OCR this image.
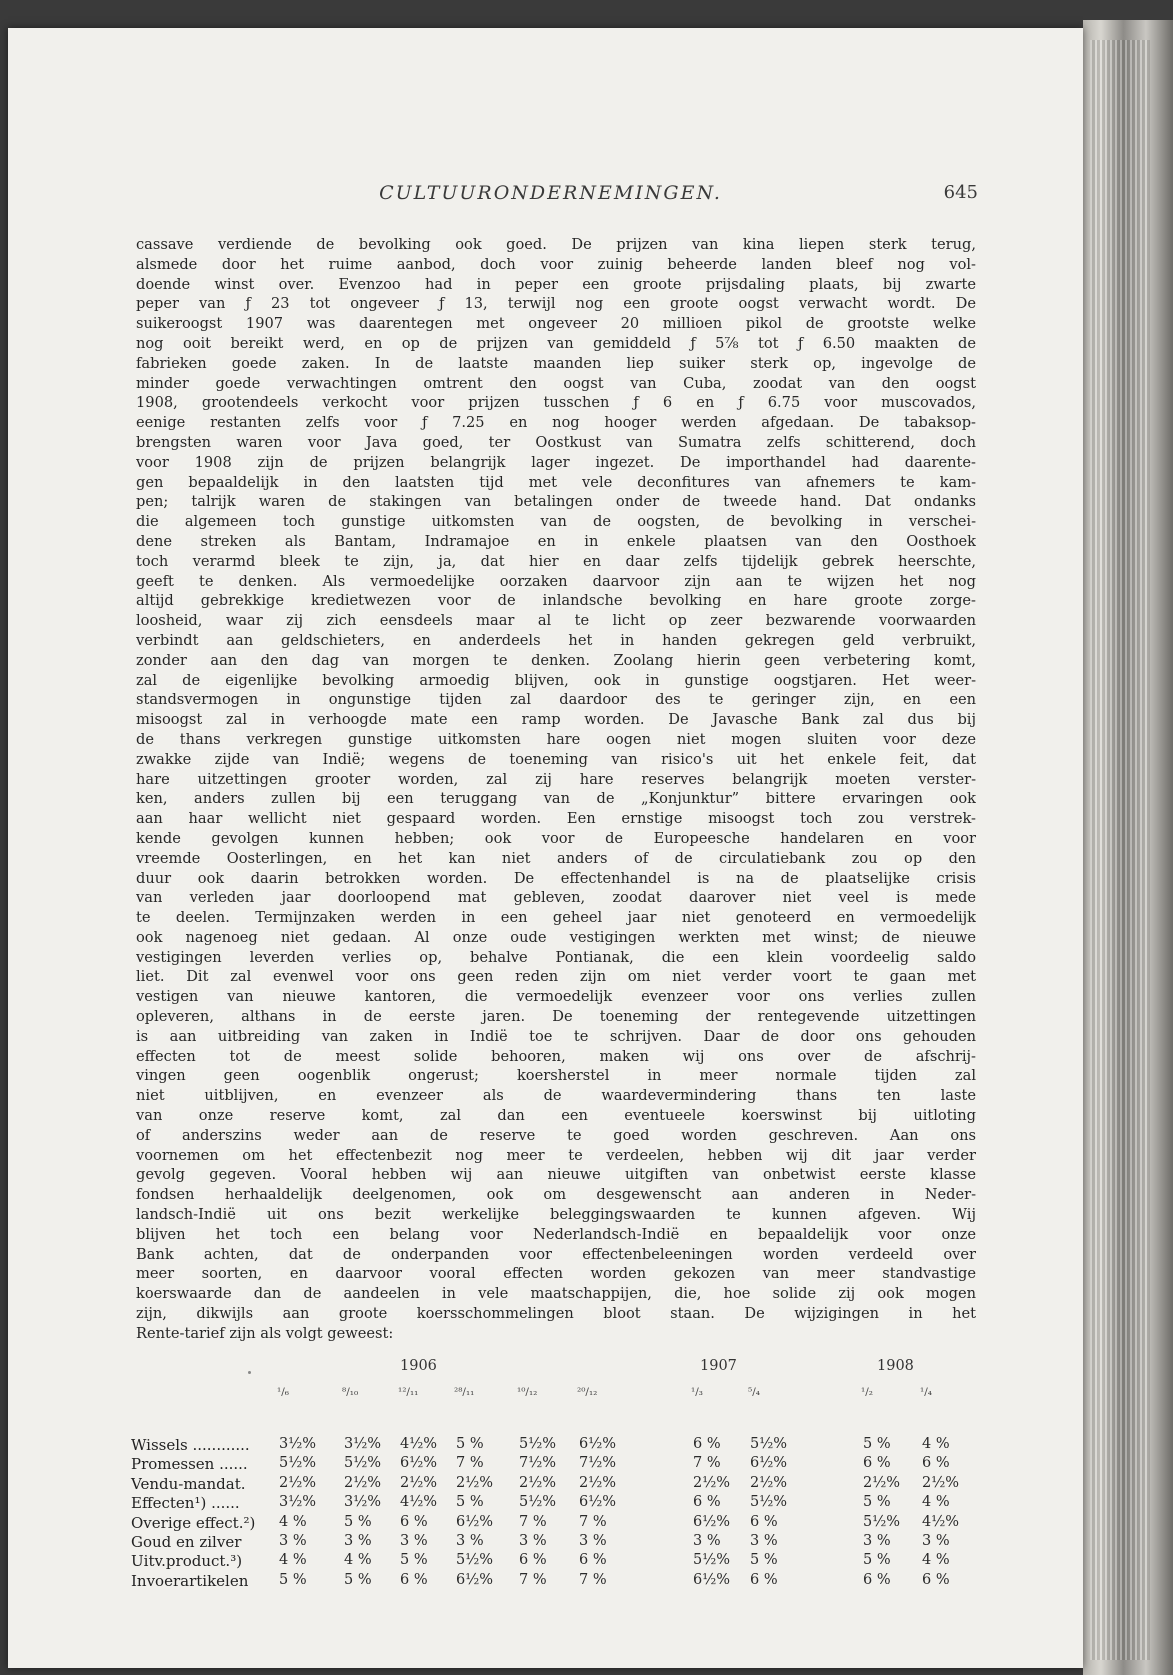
CULTUURONDERNEMINGEN.	645
cassave verdiende de bevolking ook goed. De prijzen van kina liepen sterk terug,
alsmede door het ruime aanbod, doch voor zuinig beheerde landen bleef nog vol-
doende winst over. Evenzoo had in peper een groote prijsdaling plaats, bij zwarte
peper van ƒ 23 tot ongeveer ƒ 13, terwijl nog een groote oogst verwacht wordt. De
suikeroogst 1907 was daarentegen met ongeveer 20 millioen pikol de grootste welke
nog ooit bereikt werd, en op de prijzen van gemiddeld ƒ 5⅞ tot ƒ 6.50 maakten de
fabrieken goede zaken. In de laatste maanden liep suiker sterk op, ingevolge de
minder goede verwachtingen omtrent den oogst van Cuba, zoodat van den oogst
1908, grootendeels verkocht voor prijzen tusschen ƒ 6 en ƒ 6.75 voor muscovados,
eenige restanten zelfs voor ƒ 7.25 en nog hooger werden afgedaan. De tabaksop-
brengsten waren voor Java goed, ter Oostkust van Sumatra zelfs schitterend, doch
voor 1908 zijn de prijzen belangrijk lager ingezet. De importhandel had daarente-
gen bepaaldelijk in den laatsten tijd met vele deconfitures van afnemers te kam-
pen; talrijk waren de stakingen van betalingen onder de tweede hand. Dat ondanks
die algemeen toch gunstige uitkomsten van de oogsten, de bevolking in verschei-
dene streken als Bantam, Indramajoe en in enkele plaatsen van den Oosthoek
toch verarmd bleek te zijn, ja, dat hier en daar zelfs tijdelijk gebrek heerschte,
geeft te denken. Als vermoedelijke oorzaken daarvoor zijn aan te wijzen het nog
altijd gebrekkige kredietwezen voor de inlandsche bevolking en hare groote zorge-
loosheid, waar zij zich eensdeels maar al te licht op zeer bezwarende voorwaarden
verbindt aan geldschieters, en anderdeels het in handen gekregen geld verbruikt,
zonder aan den dag van morgen te denken. Zoolang hierin geen verbetering komt,
zal de eigenlijke bevolking armoedig blijven, ook in gunstige oogstjaren. Het weer-
standsvermogen in ongunstige tijden zal daardoor des te geringer zijn, en een
misoogst zal in verhoogde mate een ramp worden. De Javasche Bank zal dus bij
de thans verkregen gunstige uitkomsten hare oogen niet mogen sluiten voor deze
zwakke zijde van Indië; wegens de toeneming van risico's uit het enkele feit, dat
hare uitzettingen grooter worden, zal zij hare reserves belangrijk moeten verster-
ken, anders zullen bij een teruggang van de „Konjunktur” bittere ervaringen ook
aan haar wellicht niet gespaard worden. Een ernstige misoogst toch zou verstrek-
kende gevolgen kunnen hebben; ook voor de Europeesche handelaren en voor
vreemde Oosterlingen, en het kan niet anders of de circulatiebank zou op den
duur ook daarin betrokken worden. De effectenhandel is na de plaatselijke crisis
van verleden jaar doorloopend mat gebleven, zoodat daarover niet veel is mede
te deelen. Termijnzaken werden in een geheel jaar niet genoteerd en vermoedelijk
ook nagenoeg niet gedaan. Al onze oude vestigingen werkten met winst; de nieuwe
vestigingen leverden verlies op, behalve Pontianak, die een klein voordeelig saldo
liet. Dit zal evenwel voor ons geen reden zijn om niet verder voort te gaan met
vestigen van nieuwe kantoren, die vermoedelijk evenzeer voor ons verlies zullen
opleveren, althans in de eerste jaren. De toeneming der rentegevende uitzettingen
is aan uitbreiding van zaken in Indië toe te schrijven. Daar de door ons gehouden
effecten tot de meest solide behooren, maken wij ons over de afschrij-
vingen geen oogenblik ongerust; koersherstel in meer normale tijden zal
niet uitblijven, en evenzeer als de waardevermindering thans ten laste
van onze reserve komt, zal dan een eventueele koerswinst bij uitloting
of anderszins weder aan de reserve te goed worden geschreven. Aan ons
voornemen om het effectenbezit nog meer te verdeelen, hebben wij dit jaar verder
gevolg gegeven. Vooral hebben wij aan nieuwe uitgiften van onbetwist eerste klasse
fondsen herhaaldelijk deelgenomen, ook om desgewenscht aan anderen in Neder-
landsch-Indië uit ons bezit werkelijke beleggingswaarden te kunnen afgeven. Wij
blijven het toch een belang voor Nederlandsch-Indië en bepaaldelijk voor onze
Bank achten, dat de onderpanden voor effectenbeleeningen worden verdeeld over
meer soorten, en daarvoor vooral effecten worden gekozen van meer standvastige
koerswaarde dan de aandeelen in vele maatschappijen, die, hoe solide zij ook mogen
zijn, dikwijls aan groote koersschommelingen bloot staan. De wijzigingen in het
Rente-tarief zijn als volgt geweest:
1906	1907	1908
¹/₆	⁸/₁₀	¹²/₁₁	²⁸/₁₁	¹⁰/₁₂	²⁰/₁₂	¹/₃	⁵/₄	¹/₂	¹/₄
Wissels ............ 3½% 3½% 4½% 5 % 5½% 6½%	6 % 5½%	5 % 4 %
Promessen ...... 5½% 5½% 6½% 7 % 7½% 7½%	7 % 6½%	6 % 6 %
Vendu-mandat. 2½% 2½% 2½% 2½% 2½% 2½%	2½% 2½%	2½% 2½%
Effecten¹) ......	3½% 3½% 4½% 5 % 5½% 6½%	6 % 5½%	5 % 4 %
Overige effect.²) 4 %	5 % 6 % 6½% 7 % 7 %	6½% 6 %	5½% 4½%
Goud en zilver	3 %	3 % 3 % 3 % 3 % 3 %	3 % 3 %	3 % 3 %
Uitv.product.³)	4 %	4 % 5 % 5½% 6 % 6 %	5½% 5 %	5 % 4 %
Invoerartikelen 5 %	5 % 6 % 6½% 7 % 7 %	6½% 6 %	6 % 6 %
